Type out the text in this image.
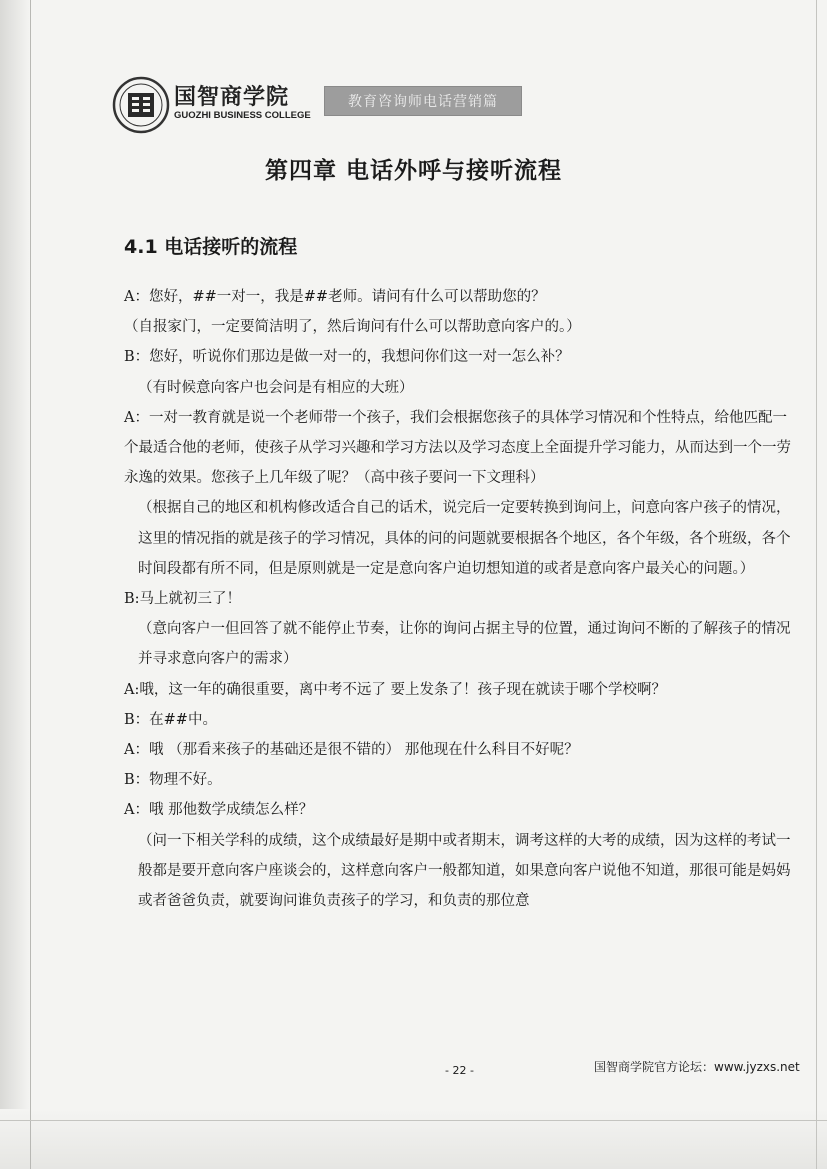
国智商学院
GUOZHI BUSINESS COLLEGE
教育咨询师电话营销篇
第四章 电话外呼与接听流程
4.1 电话接听的流程

A：您好，##一对一，我是##老师。请问有什么可以帮助您的？

（自报家门，一定要简洁明了，然后询问有什么可以帮助意向客户的。）

B：您好，听说你们那边是做一对一的，我想问你们这一对一怎么补？

（有时候意向客户也会问是有相应的大班）

A：一对一教育就是说一个老师带一个孩子，我们会根据您孩子的具体学习情况和个性特点，给他匹配一个最适合他的老师，使孩子从学习兴趣和学习方法以及学习态度上全面提升学习能力，从而达到一个一劳永逸的效果。您孩子上几年级了呢？（高中孩子要问一下文理科）

（根据自己的地区和机构修改适合自己的话术，说完后一定要转换到询问上，问意向客户孩子的情况，这里的情况指的就是孩子的学习情况，具体的问的问题就要根据各个地区，各个年级，各个班级，各个时间段都有所不同，但是原则就是一定是意向客户迫切想知道的或者是意向客户最关心的问题。）

B:马上就初三了！

（意向客户一但回答了就不能停止节奏，让你的询问占据主导的位置，通过询问不断的了解孩子的情况并寻求意向客户的需求）

A:哦，这一年的确很重要，离中考不远了 要上发条了！孩子现在就读于哪个学校啊？

B：在##中。

A：哦 （那看来孩子的基础还是很不错的） 那他现在什么科目不好呢？

B：物理不好。

A：哦 那他数学成绩怎么样？

（问一下相关学科的成绩，这个成绩最好是期中或者期末，调考这样的大考的成绩，因为这样的考试一般都是要开意向客户座谈会的，这样意向客户一般都知道，如果意向客户说他不知道，那很可能是妈妈或者爸爸负责，就要询问谁负责孩子的学习，和负责的那位意

- 22 -	国智商学院官方论坛：www.jyzxs.net
